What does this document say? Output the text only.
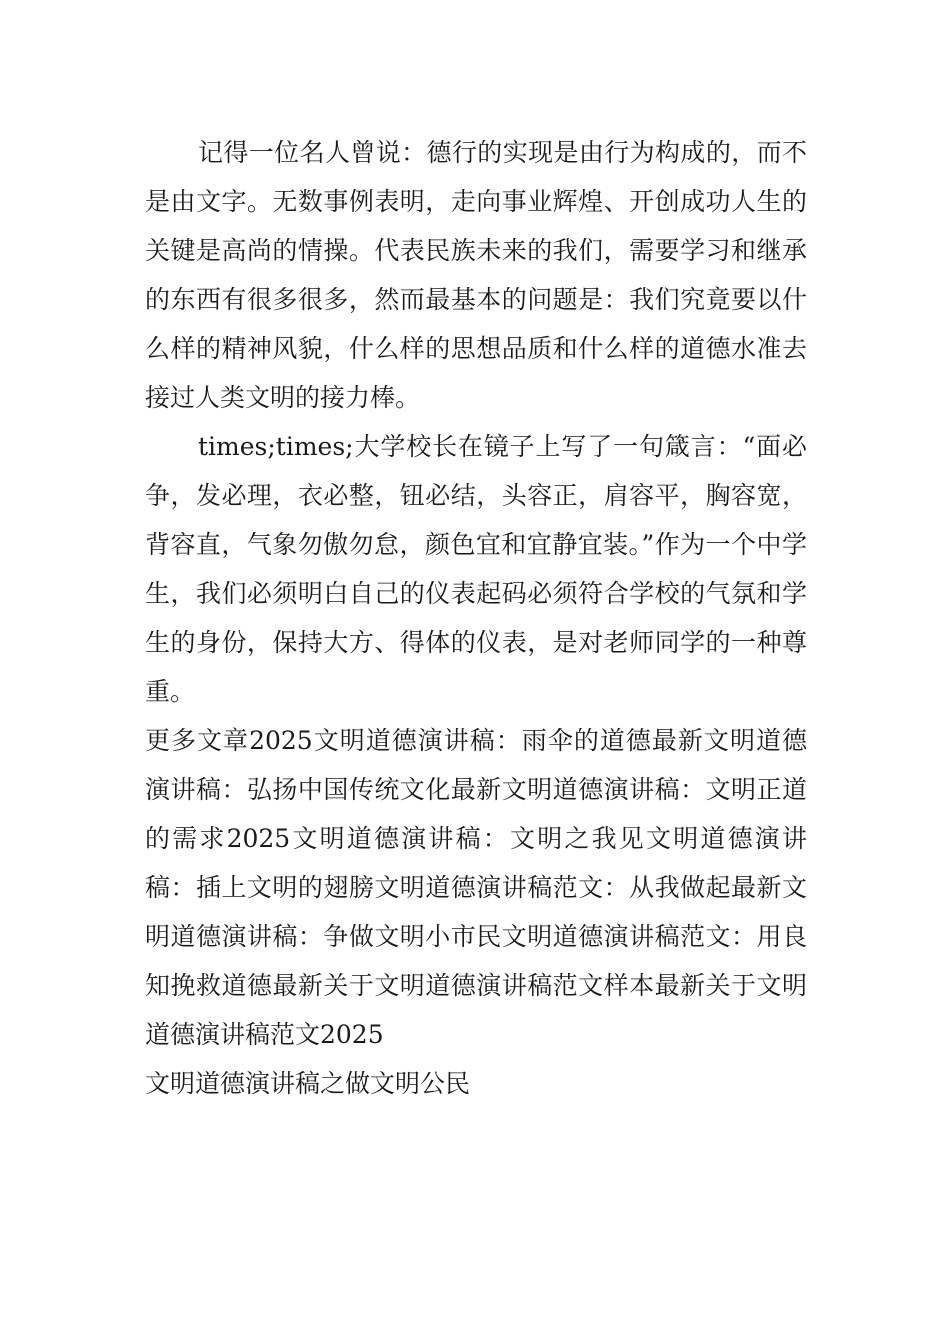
记得一位名人曾说：德行的实现是由行为构成的，而不是由文字。无数事例表明，走向事业辉煌、开创成功人生的关键是高尚的情操。代表民族未来的我们，需要学习和继承的东西有很多很多，然而最基本的问题是：我们究竟要以什么样的精神风貌，什么样的思想品质和什么样的道德水准去接过人类文明的接力棒。

times;times;大学校长在镜子上写了一句箴言：“面必争，发必理，衣必整，钮必结，头容正，肩容平，胸容宽，背容直，气象勿傲勿怠，颜色宜和宜静宜装。”作为一个中学生，我们必须明白自己的仪表起码必须符合学校的气氛和学生的身份，保持大方、得体的仪表，是对老师同学的一种尊重。

更多文章2025文明道德演讲稿：雨伞的道德最新文明道德演讲稿：弘扬中国传统文化最新文明道德演讲稿：文明正道的需求2025文明道德演讲稿：文明之我见文明道德演讲稿：插上文明的翅膀文明道德演讲稿范文：从我做起最新文明道德演讲稿：争做文明小市民文明道德演讲稿范文：用良知挽救道德最新关于文明道德演讲稿范文样本最新关于文明道德演讲稿范文2025

文明道德演讲稿之做文明公民
